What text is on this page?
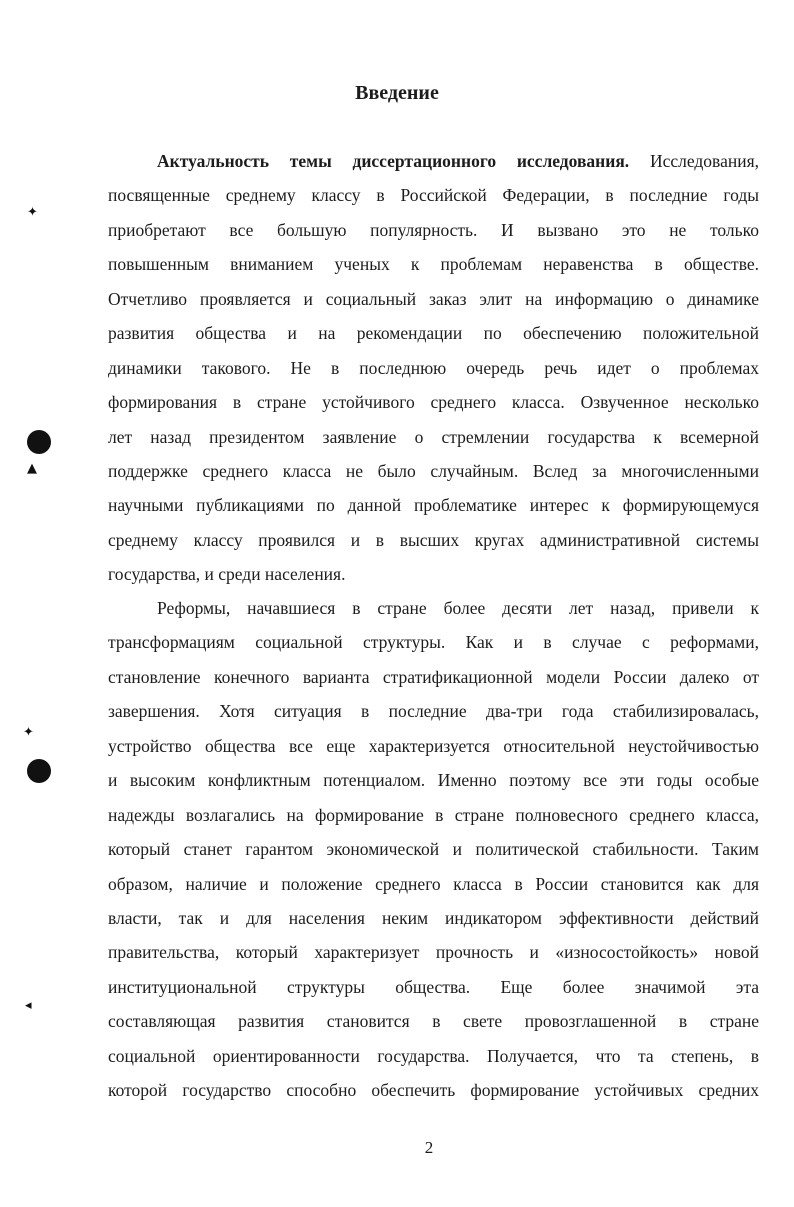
✦
▲
✦
◂
Введение
Актуальность темы диссертационного исследования. Исследования,
посвященные среднему классу в Российской Федерации, в последние годы
приобретают все большую популярность. И вызвано это не только
повышенным вниманием ученых к проблемам неравенства в обществе.
Отчетливо проявляется и социальный заказ элит на информацию о динамике
развития общества и на рекомендации по обеспечению положительной
динамики такового. Не в последнюю очередь речь идет о проблемах
формирования в стране устойчивого среднего класса. Озвученное несколько
лет назад президентом заявление о стремлении государства к всемерной
поддержке среднего класса не было случайным. Вслед за многочисленными
научными публикациями по данной проблематике интерес к формирующемуся
среднему классу проявился и в высших кругах административной системы
государства, и среди населения.
Реформы, начавшиеся в стране более десяти лет назад, привели к
трансформациям социальной структуры. Как и в случае с реформами,
становление конечного варианта стратификационной модели России далеко от
завершения. Хотя ситуация в последние два-три года стабилизировалась,
устройство общества все еще характеризуется относительной неустойчивостью
и высоким конфликтным потенциалом. Именно поэтому все эти годы особые
надежды возлагались на формирование в стране полновесного среднего класса,
который станет гарантом экономической и политической стабильности. Таким
образом, наличие и положение среднего класса в России становится как для
власти, так и для населения неким индикатором эффективности действий
правительства, который характеризует прочность и «износостойкость» новой
институциональной структуры общества. Еще более значимой эта
составляющая развития становится в свете провозглашенной в стране
социальной ориентированности государства. Получается, что та степень, в
которой государство способно обеспечить формирование устойчивых средних
2
